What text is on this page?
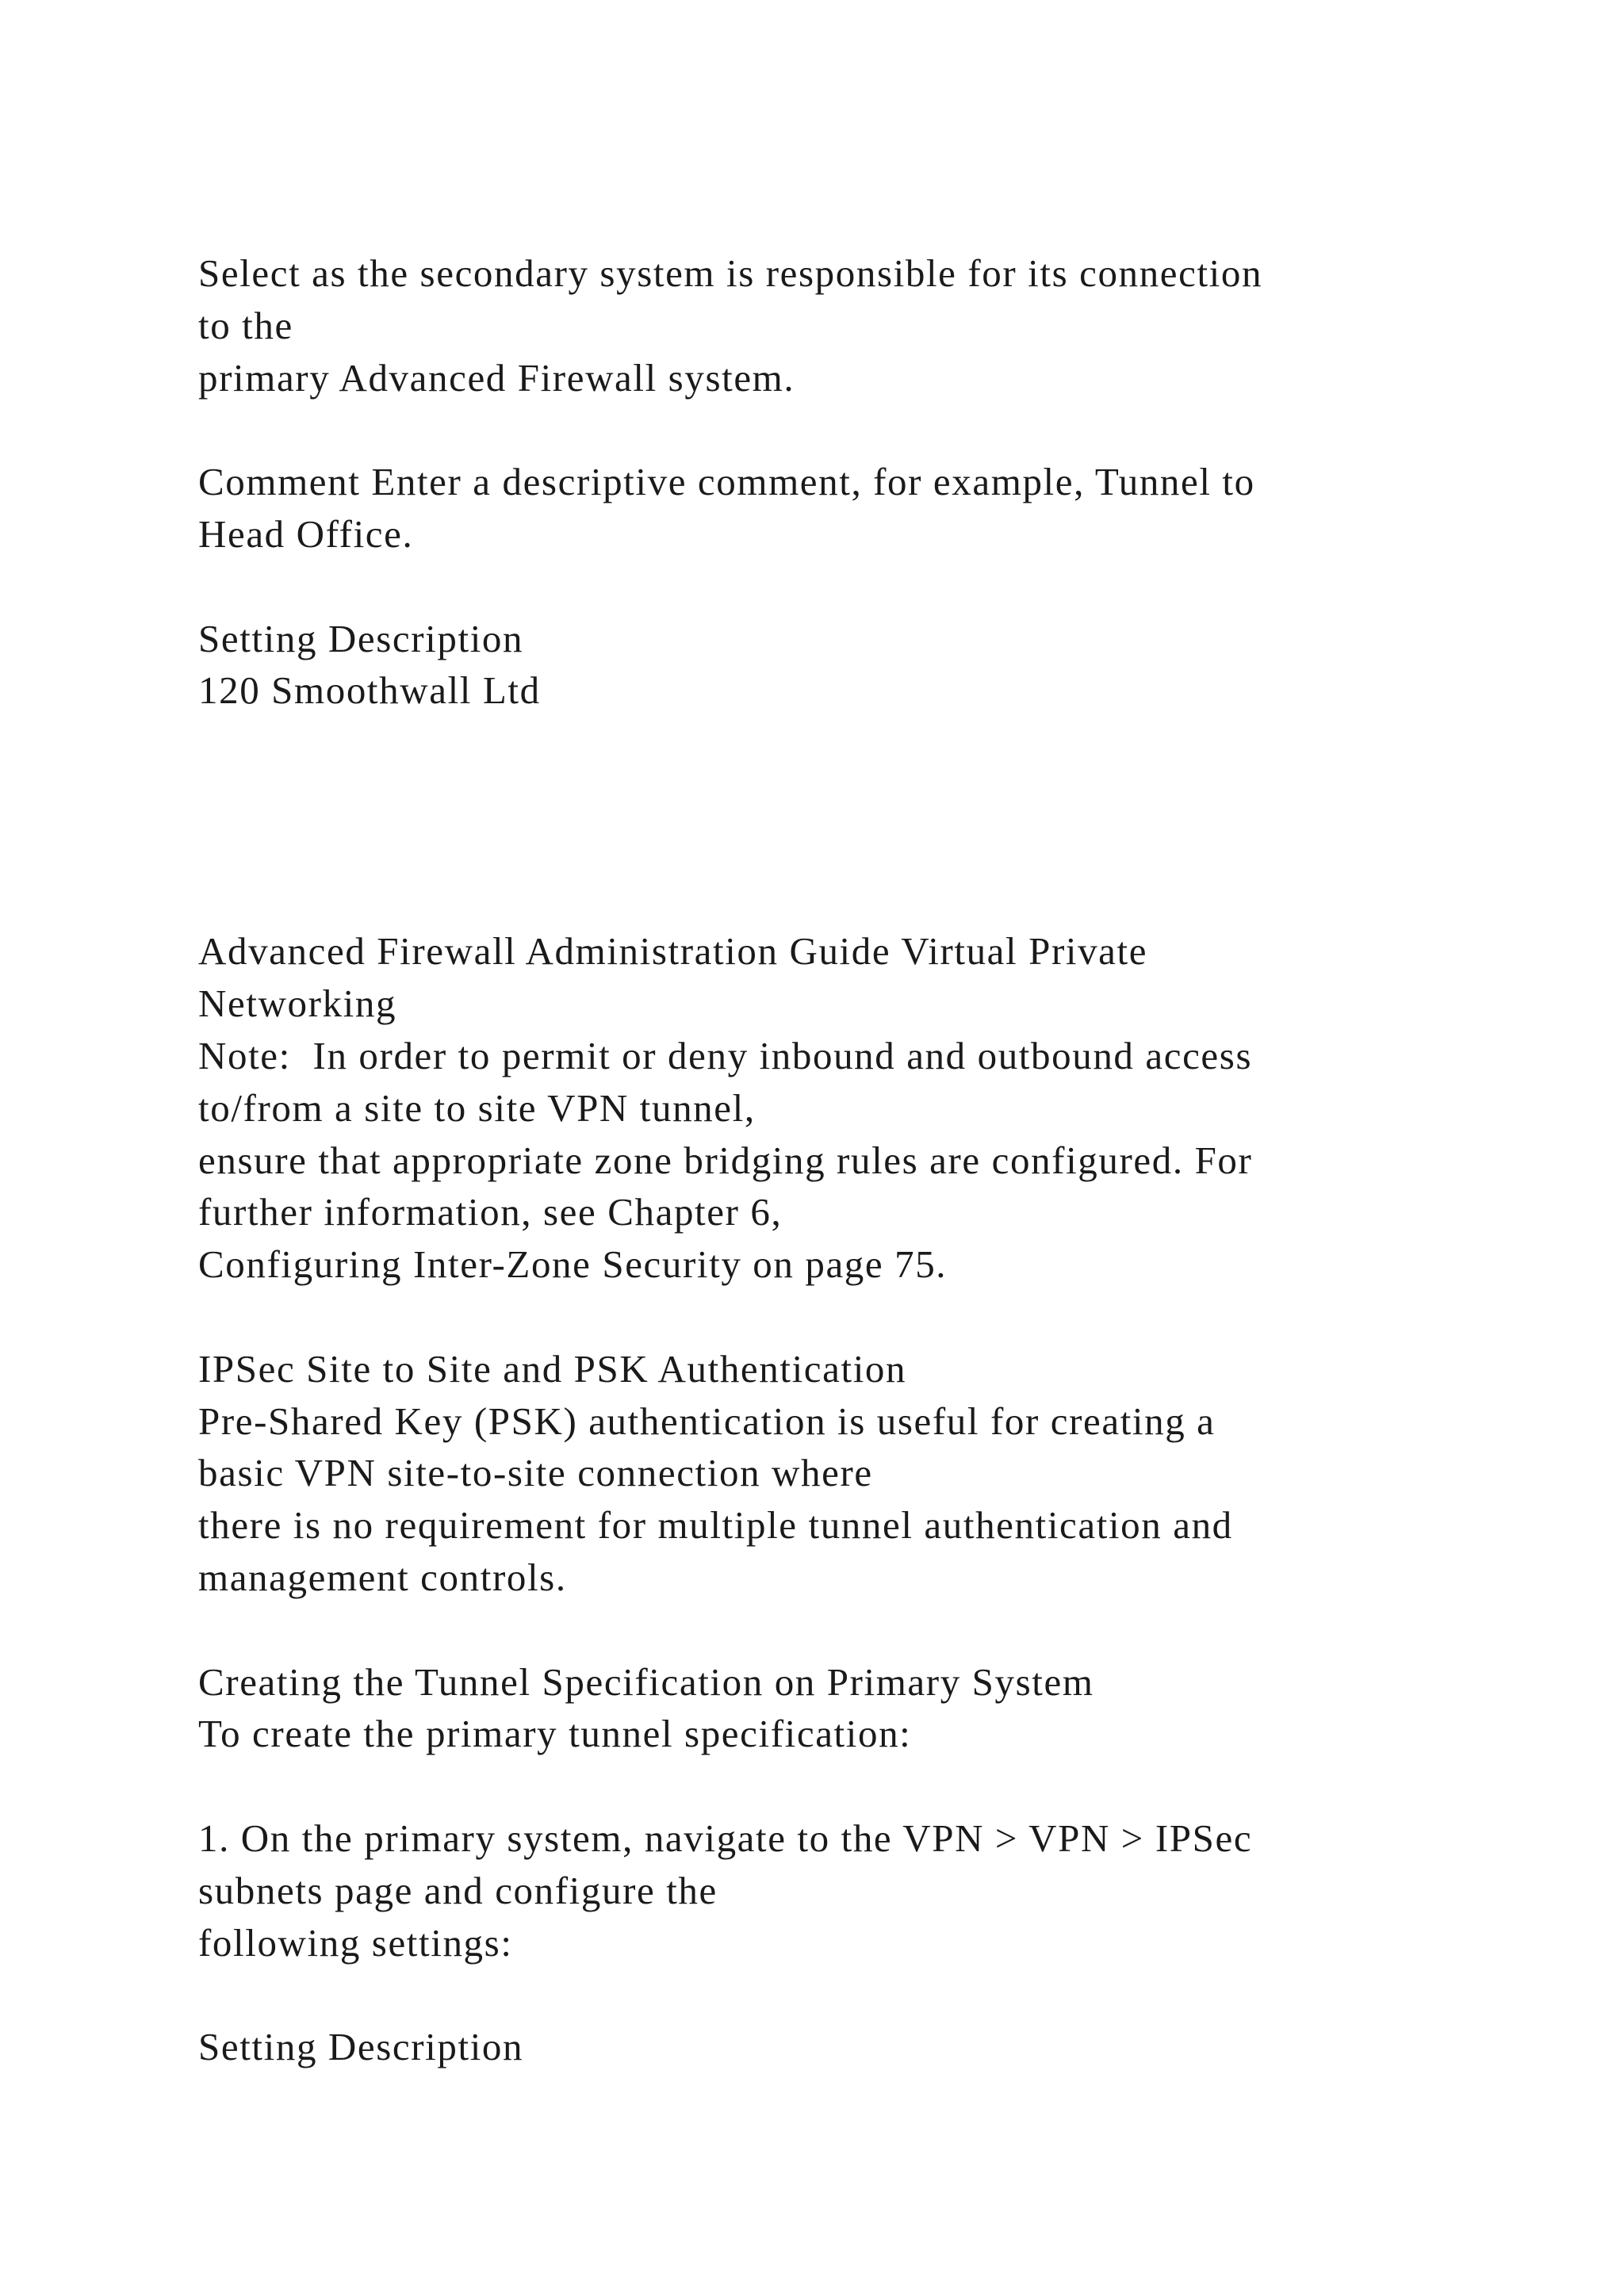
Select as the secondary system is responsible for its connection
to the
primary Advanced Firewall system.
Comment Enter a descriptive comment, for example, Tunnel to
Head Office.
Setting Description
120 Smoothwall Ltd
Advanced Firewall Administration Guide Virtual Private
Networking
Note:  In order to permit or deny inbound and outbound access
to/from a site to site VPN tunnel,
ensure that appropriate zone bridging rules are configured. For
further information, see Chapter 6,
Configuring Inter-Zone Security on page 75.
IPSec Site to Site and PSK Authentication
Pre-Shared Key (PSK) authentication is useful for creating a
basic VPN site-to-site connection where
there is no requirement for multiple tunnel authentication and
management controls.
Creating the Tunnel Specification on Primary System
To create the primary tunnel specification:
1. On the primary system, navigate to the VPN > VPN > IPSec
subnets page and configure the
following settings:
Setting Description
